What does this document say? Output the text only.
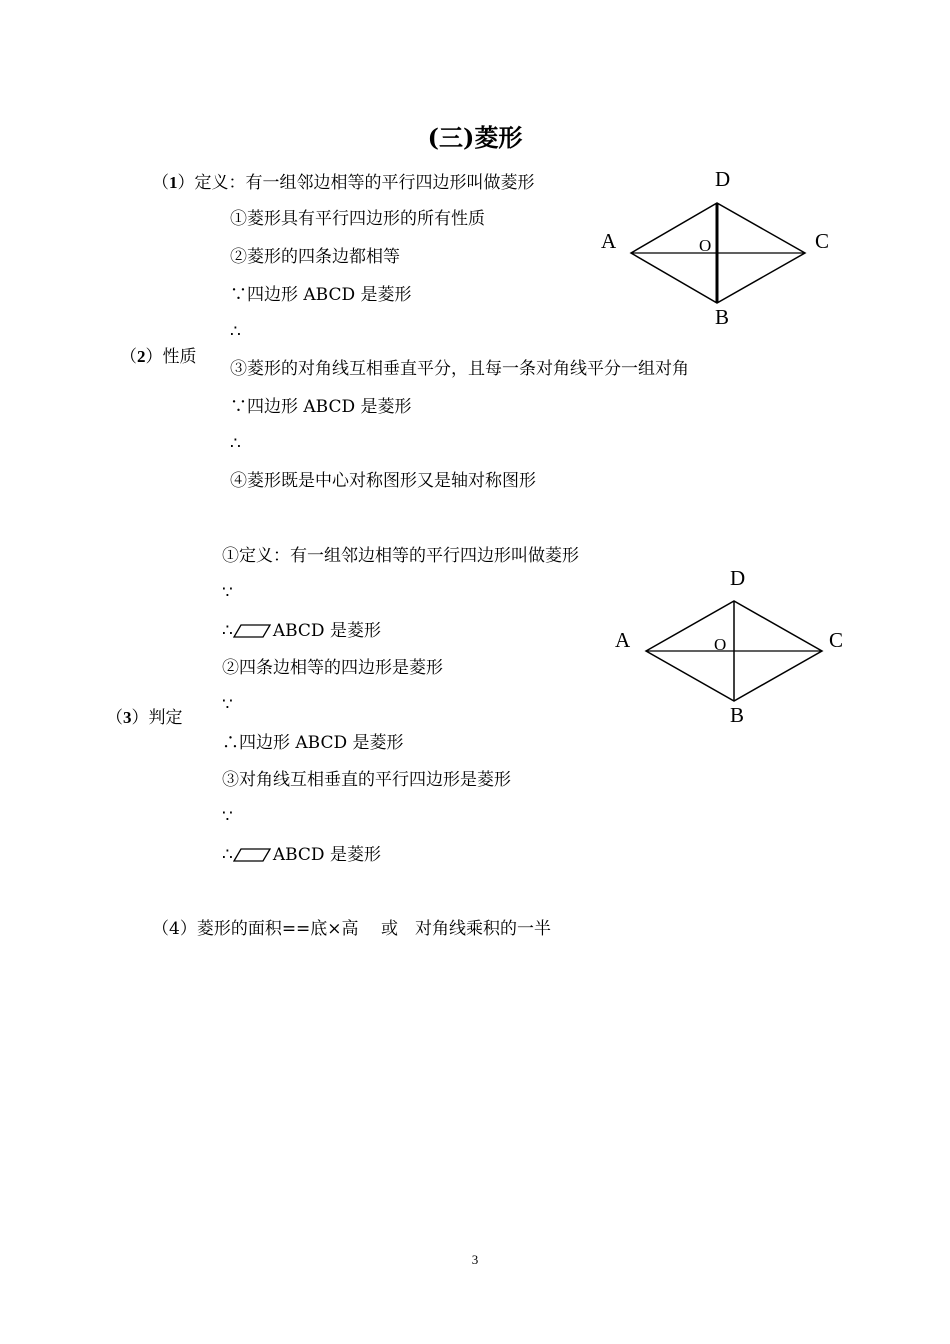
(三)菱形
（1）定义：有一组邻边相等的平行四边形叫做菱形
（2）性质
①菱形具有平行四边形的所有性质
②菱形的四条边都相等
∵四边形 ABCD 是菱形
∴
③菱形的对角线互相垂直平分，且每一条对角线平分一组对角
∵四边形 ABCD 是菱形
∴
④菱形既是中心对称图形又是轴对称图形
D
A	C
B
O
（3）判定
①定义：有一组邻边相等的平行四边形叫做菱形
∵
∴ ABCD 是菱形
②四条边相等的四边形是菱形
∵
∴四边形 ABCD 是菱形
③对角线互相垂直的平行四边形是菱形
∵
∴ ABCD 是菱形
D
A	C
B
O
（4）菱形的面积==底×高　 或　对角线乘积的一半
3
